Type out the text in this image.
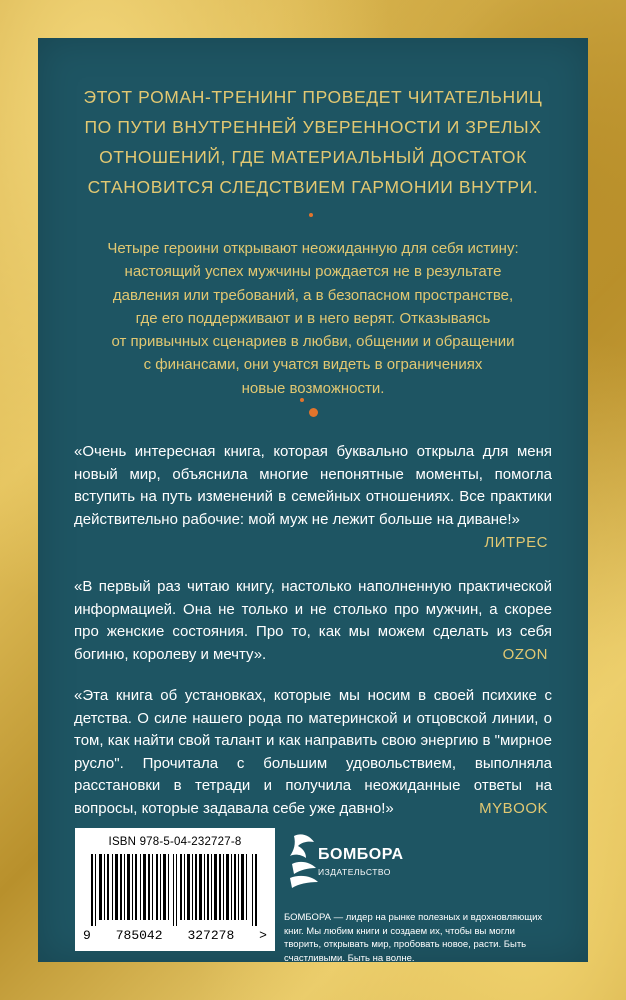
ЭТОТ РОМАН-ТРЕНИНГ ПРОВЕДЕТ ЧИТАТЕЛЬНИЦ
ПО ПУТИ ВНУТРЕННЕЙ УВЕРЕННОСТИ И ЗРЕЛЫХ
ОТНОШЕНИЙ, ГДЕ МАТЕРИАЛЬНЫЙ ДОСТАТОК
СТАНОВИТСЯ СЛЕДСТВИЕМ ГАРМОНИИ ВНУТРИ.
Четыре героини открывают неожиданную для себя истину:
настоящий успех мужчины рождается не в результате
давления или требований, а в безопасном пространстве,
где его поддерживают и в него верят. Отказываясь
от привычных сценариев в любви, общении и обращении
с финансами, они учатся видеть в ограничениях
новые возможности.
«Очень интересная книга, которая буквально открыла для меня новый мир, объяснила многие непонятные моменты, помогла вступить на путь изменений в семейных отношениях. Все практики действительно рабочие: мой муж не лежит больше на диване!»
ЛИТРЕС
«В первый раз читаю книгу, настолько наполненную практической информацией. Она не только и не столько про мужчин, а скорее про женские состояния. Про то, как мы можем сделать из себя богиню, королеву и мечту».	OZON
«Эта книга об установках, которые мы носим в своей психике с детства. О силе нашего рода по материнской и отцовской линии, о том, как найти свой талант и как направить свою энергию в "мирное русло". Прочитала с большим удовольствием, выполняла расстановки в тетради и получила неожиданные ответы на вопросы, которые задавала себе уже давно!»	MYBOOK
ISBN 978-5-04-232727-8
9 785042 327278 >
БОМБОРА
ИЗДАТЕЛЬСТВО
БОМБОРА — лидер на рынке полезных и вдохновляющих книг. Мы любим книги и создаем их, чтобы вы могли творить, открывать мир, пробовать новое, расти. Быть счастливыми. Быть на волне.
